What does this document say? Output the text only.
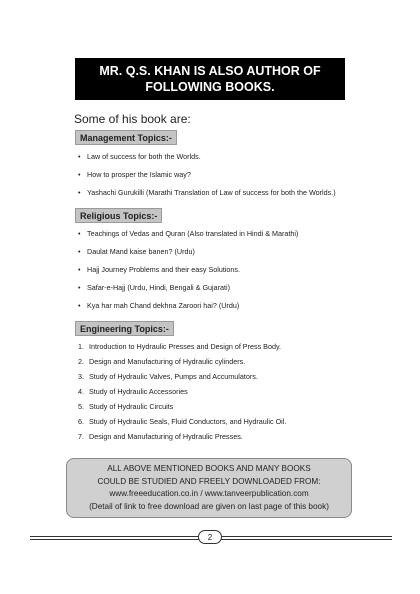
MR. Q.S. KHAN IS ALSO AUTHOR OF
FOLLOWING BOOKS.
Some of his book are:
Management Topics:-
• Law of success for both the Worlds.
• How to prosper the Islamic way?
• Yashachi Gurukilli (Marathi Translation of Law of success for both the Worlds.)
Religious Topics:-
• Teachings of Vedas and Quran (Also translated in Hindi & Marathi)
• Daulat Mand kaise banen? (Urdu)
• Hajj Journey Problems and their easy Solutions.
• Safar-e-Hajj (Urdu, Hindi, Bengali & Gujarati)
• Kya har mah Chand dekhna Zaroori hai? (Urdu)
Engineering Topics:-
1. Introduction to Hydraulic Presses and Design of Press Body.
2. Design and Manufacturing of Hydraulic cylinders.
3. Study of Hydraulic Valves, Pumps and Accumulators.
4. Study of Hydraulic Accessories
5. Study of Hydraulic Circuits
6. Study of Hydraulic Seals, Fluid Conductors, and Hydraulic Oil.
7. Design and Manufacturing of Hydraulic Presses.
ALL ABOVE MENTIONED BOOKS AND MANY BOOKS
COULD BE STUDIED AND FREELY DOWNLOADED FROM:
www.freeeducation.co.in / www.tanveerpublication.com
(Detail of link to free download are given on last page of this book)
2
